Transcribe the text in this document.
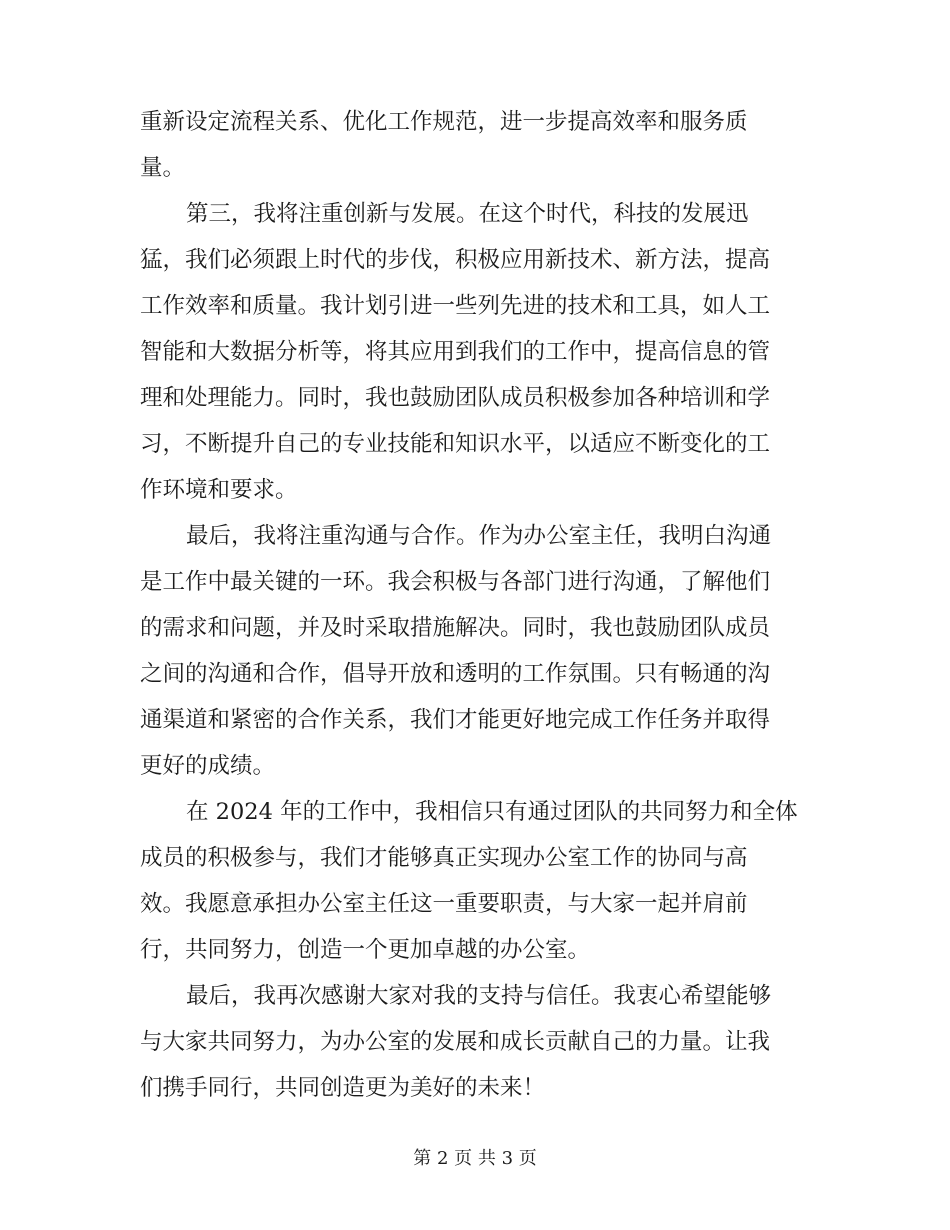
重新设定流程关系、优化工作规范，进一步提高效率和服务质
量。
第三，我将注重创新与发展。在这个时代，科技的发展迅
猛，我们必须跟上时代的步伐，积极应用新技术、新方法，提高
工作效率和质量。我计划引进一些列先进的技术和工具，如人工
智能和大数据分析等，将其应用到我们的工作中，提高信息的管
理和处理能力。同时，我也鼓励团队成员积极参加各种培训和学
习，不断提升自己的专业技能和知识水平，以适应不断变化的工
作环境和要求。
最后，我将注重沟通与合作。作为办公室主任，我明白沟通
是工作中最关键的一环。我会积极与各部门进行沟通，了解他们
的需求和问题，并及时采取措施解决。同时，我也鼓励团队成员
之间的沟通和合作，倡导开放和透明的工作氛围。只有畅通的沟
通渠道和紧密的合作关系，我们才能更好地完成工作任务并取得
更好的成绩。
在 2024 年的工作中，我相信只有通过团队的共同努力和全体
成员的积极参与，我们才能够真正实现办公室工作的协同与高
效。我愿意承担办公室主任这一重要职责，与大家一起并肩前
行，共同努力，创造一个更加卓越的办公室。
最后，我再次感谢大家对我的支持与信任。我衷心希望能够
与大家共同努力，为办公室的发展和成长贡献自己的力量。让我
们携手同行，共同创造更为美好的未来！
第 2 页 共 3 页
